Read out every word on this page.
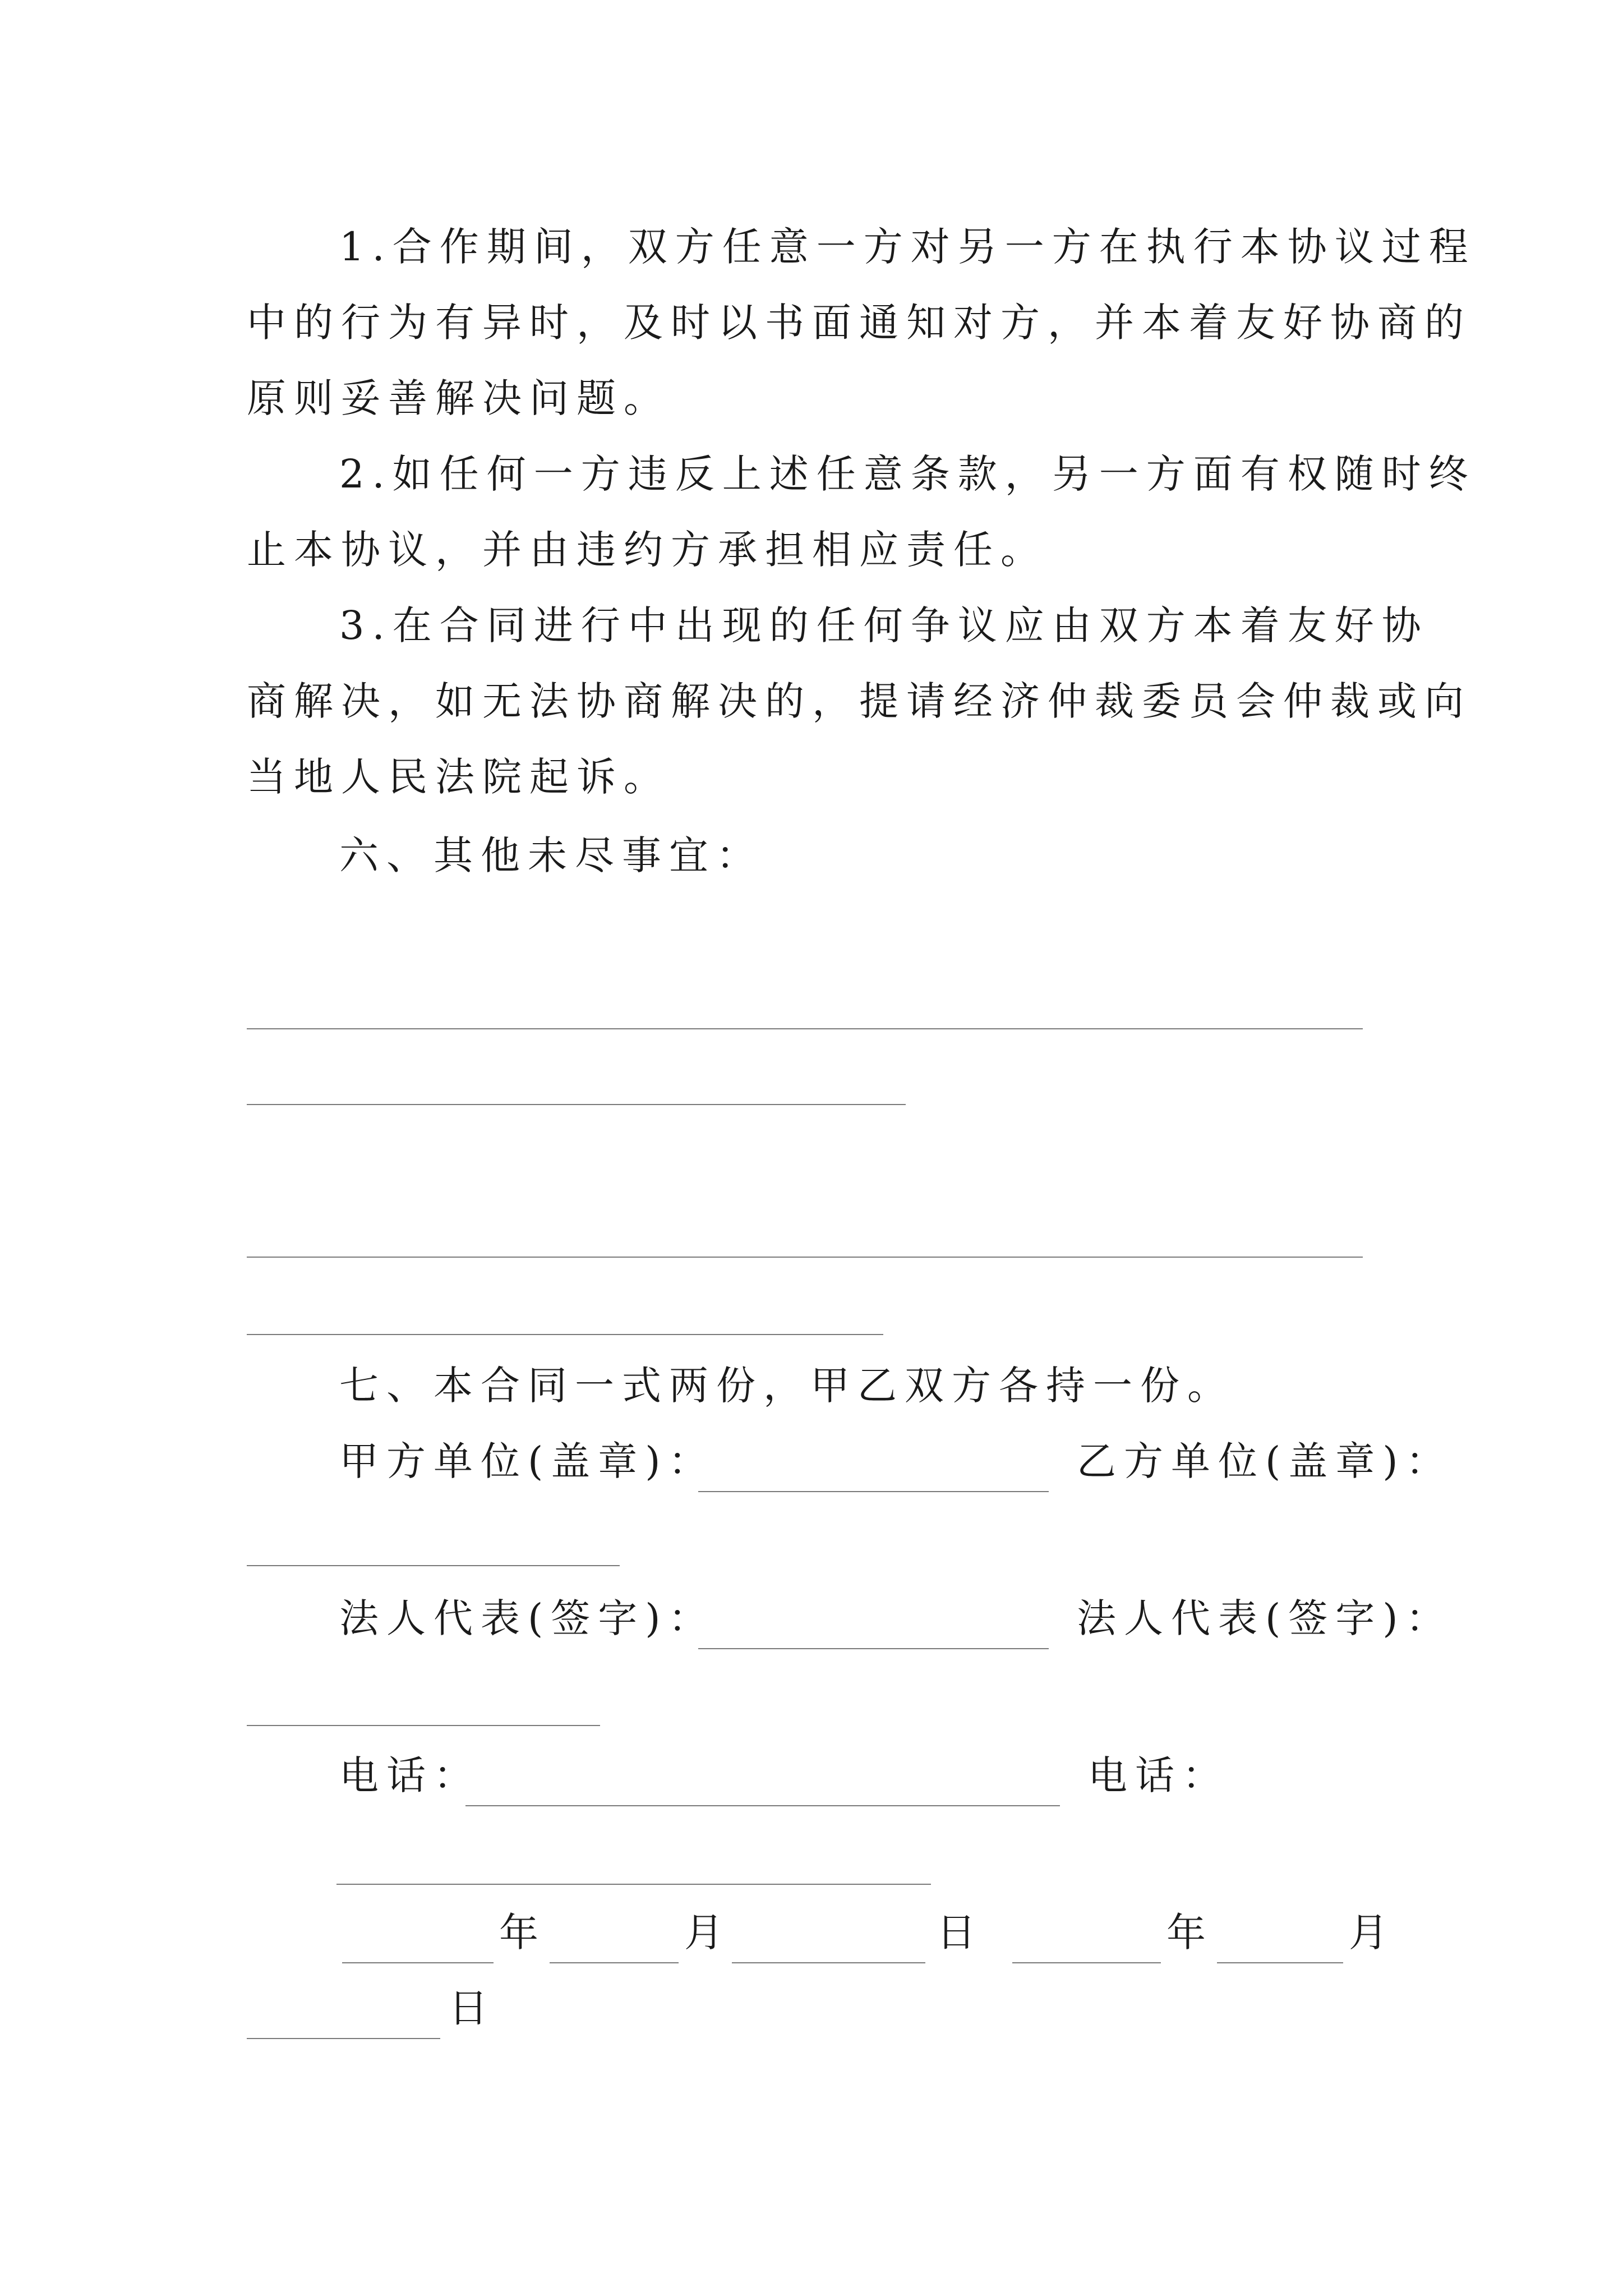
1.合作期间，双方任意一方对另一方在执行本协议过程
中的行为有异时，及时以书面通知对方，并本着友好协商的
原则妥善解决问题。
2.如任何一方违反上述任意条款，另一方面有权随时终
止本协议，并由违约方承担相应责任。
3.在合同进行中出现的任何争议应由双方本着友好协
商解决，如无法协商解决的，提请经济仲裁委员会仲裁或向
当地人民法院起诉。
六、其他未尽事宜：
七、本合同一式两份，甲乙双方各持一份。
甲方单位(盖章)：	乙方单位(盖章)：
法人代表(签字)：	法人代表(签字)：
电话：	电话：
年	月	日	年	月
日
